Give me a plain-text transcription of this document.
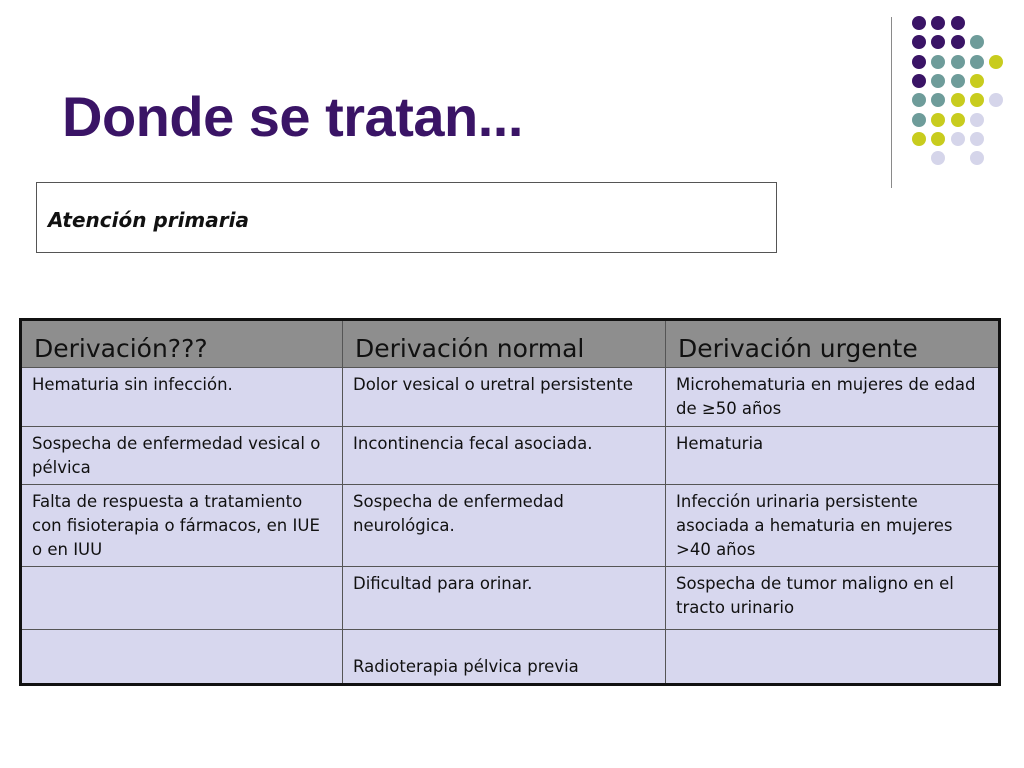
Donde se tratan...
Atención primaria
Derivación???	Derivación normal	Derivación urgente
Hematuria sin infección.	Dolor vesical o uretral persistente	Microhematuria en mujeres de edad de ≥50 años
Sospecha de enfermedad vesical o pélvica	Incontinencia fecal asociada.	Hematuria
Falta de respuesta a tratamiento con fisioterapia o fármacos, en IUE o en IUU	Sospecha de enfermedad neurológica.	Infección urinaria persistente asociada a hematuria en mujeres >40 años
	Dificultad para orinar.	Sospecha de tumor maligno en el tracto urinario
	Radioterapia pélvica previa	
